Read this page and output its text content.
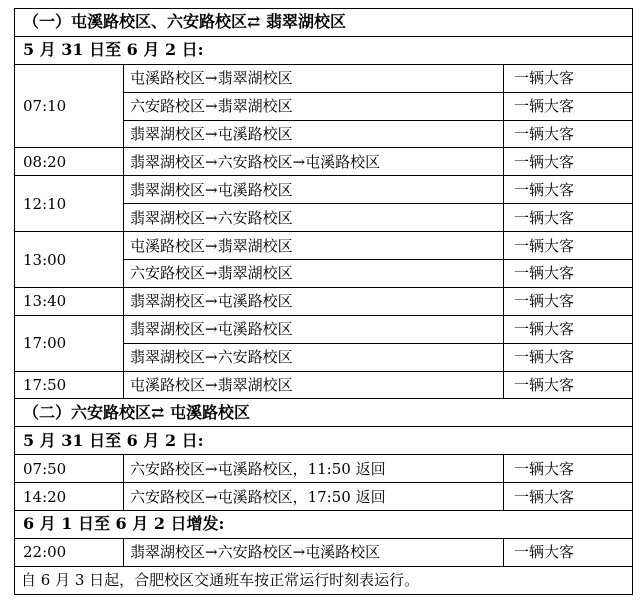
（一）屯溪路校区、六安路校区⇄ 翡翠湖校区		
5 月 31 日至 6 月 2 日:		
07:10	屯溪路校区→翡翠湖校区	一辆大客
	六安路校区→翡翠湖校区	一辆大客
	翡翠湖校区→屯溪路校区	一辆大客
08:20	翡翠湖校区→六安路校区→屯溪路校区	一辆大客
12:10	翡翠湖校区→屯溪路校区	一辆大客
	翡翠湖校区→六安路校区	一辆大客
13:00	屯溪路校区→翡翠湖校区	一辆大客
	六安路校区→翡翠湖校区	一辆大客
13:40	翡翠湖校区→屯溪路校区	一辆大客
17:00	翡翠湖校区→屯溪路校区	一辆大客
	翡翠湖校区→六安路校区	一辆大客
17:50	屯溪路校区→翡翠湖校区	一辆大客
（二）六安路校区⇄ 屯溪路校区		
5 月 31 日至 6 月 2 日:		
07:50	六安路校区→屯溪路校区，11:50 返回	一辆大客
14:20	六安路校区→屯溪路校区，17:50 返回	一辆大客
6 月 1 日至 6 月 2 日增发:		
22:00	翡翠湖校区→六安路校区→屯溪路校区	一辆大客
自 6 月 3 日起，合肥校区交通班车按正常运行时刻表运行。		
